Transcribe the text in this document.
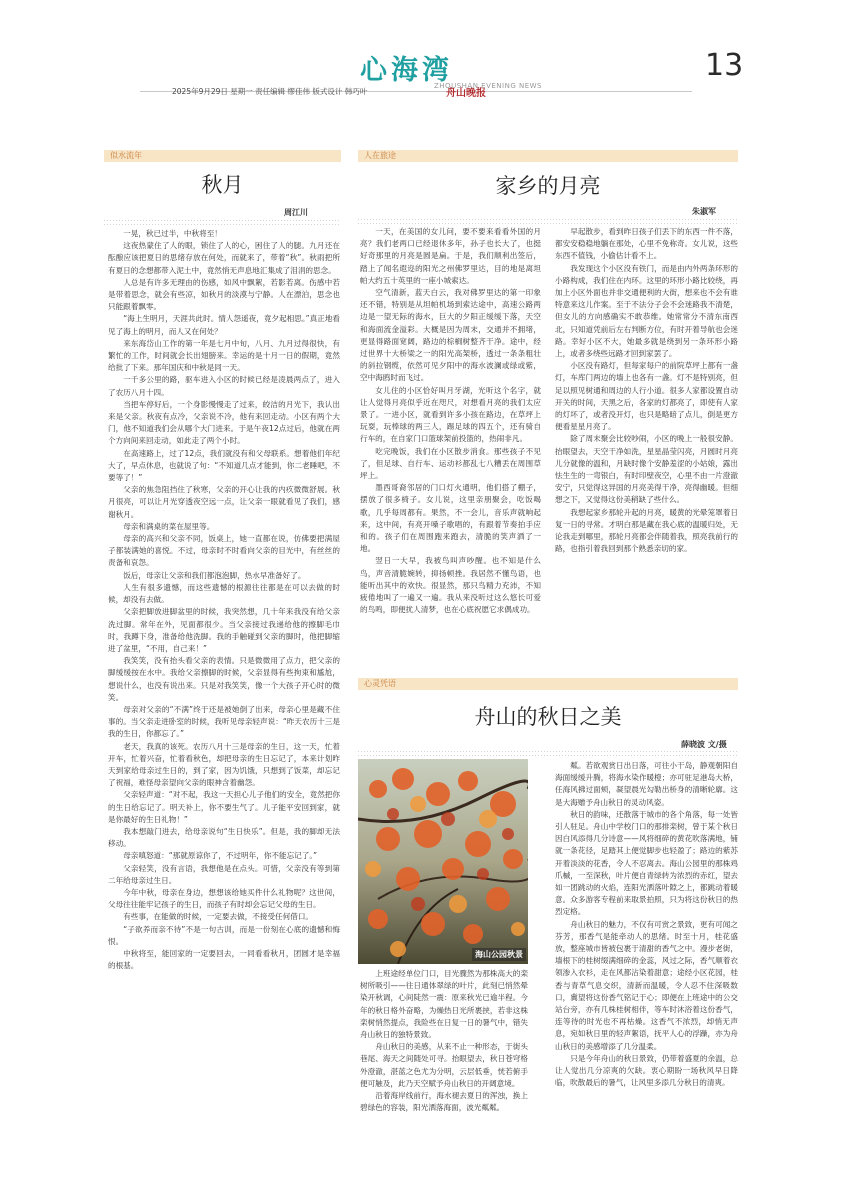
心海湾	13
2025年9月29日 星期一 责任编辑 缪佳伟 版式设计 韩巧叶	舟山晚报
ZHOUSHAN EVENING NEWS
似水流年
秋月
周江川

一晃，秋已过半，中秋将至！

这夜热蒙住了人的眼，锁住了人的心，困住了人的腿。九月还在酝酿应该把夏日的思绪存放在何处，而就来了，带着“秋”。秋雨把所有夏日的念想都带入泥土中，竟然悄无声息地汇集成了泪涓的思念。

人总是有许多无理由的伤感，如风中飘絮，若影若离。伤感中若是带着思念，就会有些凉，如秋月的淡漠与宁静。人在漂泊，思念也只能跟着飘零。

“海上生明月，天涯共此时。情人怨遥夜，竟夕起相思。”真正地看见了海上的明月，而人又在何处？

来东海岱山工作的第一年是七月中旬，八月、九月过得很快，有繁忙的工作，时间就会长出翅膀来。幸运的是十月一日的假期，竟然给批了下来。那年国庆和中秋是同一天。

一千多公里的路，驱车进入小区的时候已经是凌晨两点了，进入了农历八月十四。

当把车停好后，一个身影慢慢走了过来，皎洁的月光下，我认出来是父亲。秋夜有点冷，父亲说不冷，他有来回走动。小区有两个大门，他不知道我们会从哪个大门进来。于是午夜12点过后，他就在两个方向间来回走动，如此走了两个小时。

在高速路上，过了12点，我们就没有和父母联系。想着他们年纪大了，早点休息，也就说了句：“不知道几点才能到，你二老睡吧，不要等了！”

父亲的焦急阻挡住了秋寒，父亲的开心让我的内疚微微舒展。秋月很亮，可以让月光穿透夜空远一点，让父亲一眼就看见了我们，感谢秋月。

母亲和满桌的菜在屋里等。

母亲的高兴和父亲不同，饭桌上，她一直都在说，仿佛要把满屋子都装满她的喜悦。不过，母亲时不时看向父亲的目光中，有丝丝的责备和哀怨。

饭后，母亲让父亲和我们都泡泡脚，热水早准备好了。

人生有很多遗憾，而这些遗憾的根源往往都是在可以去做的时候，却没有去做。

父亲把脚放进脚盆里的时候，我突然想，几十年来我没有给父亲洗过脚。常年在外，见面都很少。当父亲接过我递给他的擦脚毛巾时，我蹲下身，准备给他洗脚。我的手触碰到父亲的脚时，他把脚缩进了盆里，“不用，自己来！”

我笑笑，没有抬头看父亲的表情。只是微微用了点力，把父亲的脚缓缓按在水中。我给父亲擦脚的时候，父亲显得有些拘束和尴尬，想说什么，也没有说出来。只是对我笑笑，像一个大孩子开心时的微笑。

母亲对父亲的“不满”终于还是被她倒了出来，母亲心里是藏不住事的。当父亲走进卧室的时候，我听见母亲轻声说：“昨天农历十三是我的生日，你都忘了。”

老天，我真的该死。农历八月十三是母亲的生日，这一天，忙着开车，忙着兴奋，忙着看秋色，却把母亲的生日忘记了，本来计划昨天到家给母亲过生日的，到了家，因为饥饿，只想到了饭菜，却忘记了祝福，难怪母亲望向父亲的眼神含着幽怨。

父亲轻声道：“对不起，我这一天担心儿子他们的安全，竟然把你的生日给忘记了。明天补上，你不要生气了。儿子能平安回到家，就是你最好的生日礼物！”

我本想敲门进去，给母亲说句“生日快乐”。但是，我的脚却无法移动。

母亲嗔怒道：“那就原谅你了，不过明年，你不能忘记了。”

父亲轻笑，没有言语，我想他是在点头。可惜，父亲没有等到第二年给母亲过生日。

今年中秋，母亲在身边，想想该给她买件什么礼物呢？这世间，父母往往能牢记孩子的生日，而孩子有时却会忘记父母的生日。

有些事，在能做的时候，一定要去做，不接受任何借口。

“子欲养而亲不待”不是一句古训，而是一份刻在心底的遗憾和悔恨。

中秋将至，能回家的一定要回去，一同看看秋月，团圆才是幸福的根基。

人在旅途
家乡的月亮
朱淑军

一天，在美国的女儿问，要不要来看看外国的月亮？我们老两口已经退休多年，孙子也长大了，也挺好奇那里的月亮是圆是扁。于是，我们顺利出签后，踏上了闻名遐迩的阳光之州佛罗里达，目的地是离坦帕大约五十英里的一座小城索达。

空气清新，蓝天白云，我对佛罗里达的第一印象还不错，特别是从坦帕机场到索达途中，高速公路两边是一望无际的海水，巨大的夕阳正缓缓下落，天空和海面流金溢彩。大概是因为周末，交通并不拥堵，更显得路面宽阔，路边的棕榈树整齐干净。途中，经过世界十大桥梁之一的阳光高架桥，透过一条条粗壮的斜拉钢缆，依然可见夕阳中的海水波澜或绿或紫，空中海鸥时而飞过。

女儿住的小区恰好叫月牙湖，光听这个名字，就让人觉得月亮似乎近在咫尺，对想看月亮的我们太应景了。一进小区，就看到许多小孩在路边，在草坪上玩耍，玩棒球的两三人，踢足球的四五个，还有骑自行车的，在自家门口篮球架前投篮的，热闹非凡。

吃完晚饭，我们在小区散步消食。那些孩子不见了，但足球、自行车、运动衫都乱七八糟丢在周围草坪上。

墨西哥裔邻居的门口灯火通明，他们搭了棚子，摆放了很多椅子。女儿说，这里亲朋聚会，吃饭喝歌，几乎每周都有。果然，不一会儿，音乐声就响起来，这中间，有亮开嗓子歌唱的，有跟着节奏拍手应和的。孩子们在周围跑来跑去，清脆的笑声洒了一地。

翌日一大早，我被鸟叫声吵醒。也不知是什么鸟，声音清脆婉转，抑扬顿挫。我居然不懂鸟语，也能听出其中的欢快。很显然，那只鸟精力充沛，不知疲倦地叫了一遍又一遍。我从来没听过这么悠长可爱的鸟鸣，即便扰人清梦，也在心底祝愿它求偶成功。

早起散步，看到昨日孩子们丢下的东西一件不落，都安安稳稳地躺在那处，心里不免称奇。女儿说，这些东西不值钱，小偷估计看不上。

我发现这个小区没有铁门，而是由内外两条环形的小路构成，我们住在内环。这里的环形小路比较绕，再加上小区外面也并非交通便利的大街，想来也不会有谁特意来这儿作案。至于不法分子会不会迷路我不清楚，但女儿的方向感确实不敢恭维。她常常分不清东南西北，只知道凭前后左右判断方位，有时开着导航也会迷路。幸好小区不大，她最多就是绕到另一条环形小路上，或者多绕些远路才回到家罢了。

小区没有路灯，但每家每户的前院草坪上都有一盏灯，车库门两边的墙上也各有一盏。灯不是特别亮，但足以照见树通和周边的人行小道。很多人家都设置自动开关的时间，天黑之后，各家的灯都亮了，即使有人家的灯坏了，或者没开灯，也只是略暗了点儿，倒是更方便看星星月亮了。

除了周末聚会比较吵闹，小区的晚上一般很安静。抬眼望去，天空干净如洗，星星晶莹闪亮，月圆时月亮儿分就像的温和，月缺时像个安静羞涩的小姑娘，露出怯生生的一弯银白，有时印壁夜空，心里不由一片澄澈安宁，只觉得这异国的月亮美得干净，亮得幽暖。但细想之下，又觉得这份美稍缺了些什么。

我想起家乡那轮升起的月亮，暖黄的光晕笼罩着日复一日的寻常。才明白那是藏在我心底的温暖归处，无论我走到哪里，那轮月亮都会伴随着我，照亮我前行的路，也指引着我回到那个熟悉亲切的家。

心灵凭语
舟山的秋日之美
薛晓波 文/摄
海山公园秋景

上班途经单位门口，目光骤然为那株高大的栾树所吸引——往日通体翠绿的叶片，此刻已悄然晕染开秋调，心间陡然一震：原来秋光已逾半程。今年的秋日格外奋略，为燥热日光所裹挟，若非这株栾树悄然提点，我险些在日复一日的暑气中，错失舟山秋日的独特景致。

舟山秋日的美感，从来不止一种形态，于街头巷尾、海天之间随处可寻。抬眼望去，秋日苍穹格外澄澈，湛蓝之色尤为分明，云层低垂，恍若俯手便可触及，此乃天空赋予舟山秋日的开阔意境。

沿着海岸线前行，海水褪去夏日的浑浊，换上碧绿色的容装，阳光洒落海面，波光粼粼。

粼。若欲观赏日出日落，可往小干岛，静观朝阳自海面缓缓升腾，将海水染作暖橙；亦可驻足港岛大桥，任海风拂过面颊，凝望晨光勾勒出桥身的清晰轮廓。这是大海赠予舟山秋日的灵动风姿。

秋日的韵味，还散落于城市的各个角落，每一处皆引人驻足。舟山中学校门口的那排栾树，曾于某个秋日因白风添得几分诗意——风将细碎的黄花吹落满地，铺就一条花径，足踏其上便觉脚步也轻盈了；路边的紫苏开着淡淡的花香，令人不忍离去。海山公园里的那株鸡爪槭，一至深秋，叶片便自青绿转为浓烈的赤红，望去如一团跳动的火焰，连阳光洒落叶隙之上，都跳动着暖意。众多游客专程前来取景拍照，只为将这份秋日的热烈定格。

舟山秋日的魅力，不仅有可赏之景致，更有可闻之芬芳，那香气是能牵动人的思绪。时至十月，桂花盛放，整座城市皆被包裹于清甜的香气之中。漫步老街，墙根下的桂树缀满细碎的金蕊，风过之际，香气顺着衣领渗入衣衫，走在风都沾染着甜意；途经小区花园，桂香与青草气息交织，清新而温暖，令人忍不住深吸数口，冀望将这份香气铭记于心；即便在上班途中的公交站台旁，亦有几株桂树相伴，等车时沐浴着这份香气，连等待的时光也不再枯燥。这香气不浓烈，却悄无声息，宛如秋日里的轻声絮语，抚平人心的浮躁，亦为舟山秋日的美感增添了几分温柔。

只是今年舟山的秋日景致，仍带着盛夏的余温，总让人觉出几分凉爽的欠缺。衷心期盼一场秋风早日降临，吹散最后的暑气，让风里多添几分秋日的清爽。
